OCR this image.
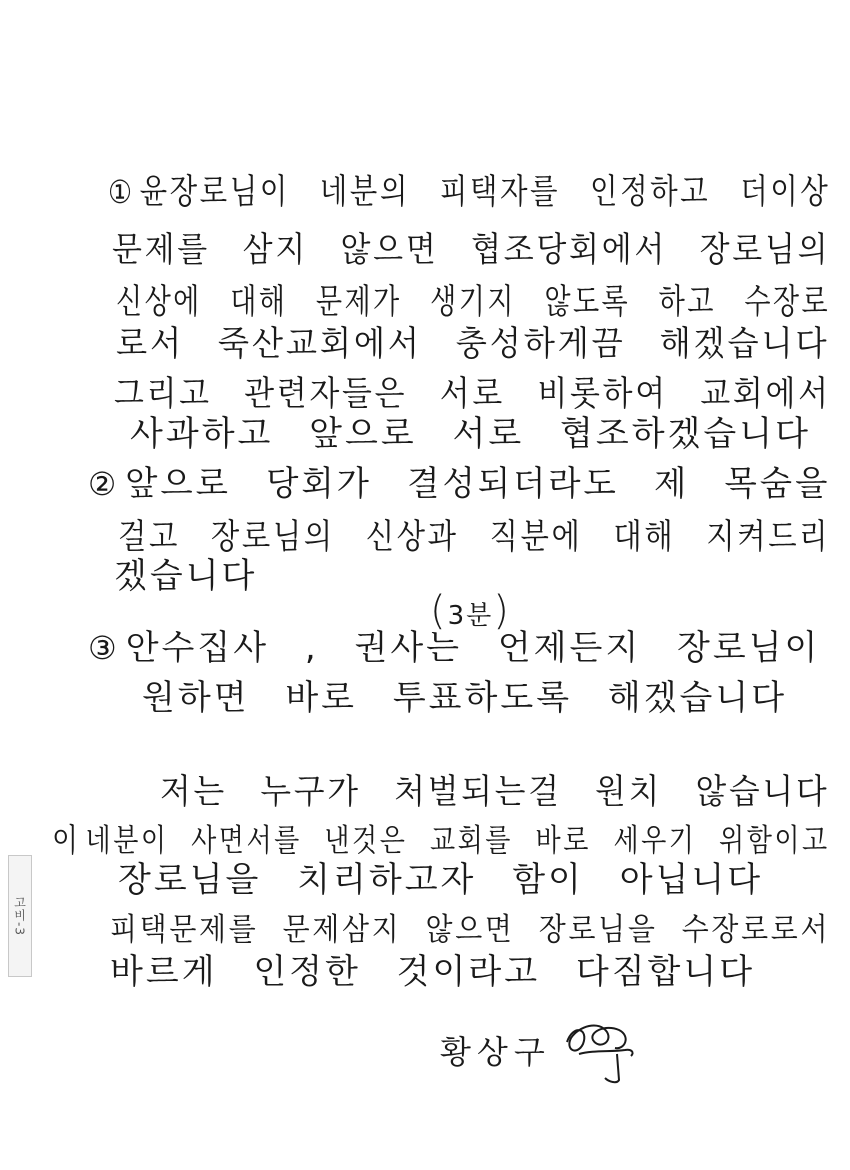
고비-3
① 윤장로님이 네분의 피택자를 인정하고 더이상
문제를 삼지 않으면 협조당회에서 장로님의
신상에 대해 문제가 생기지 않도록 하고 수장로
로서 죽산교회에서 충성하게끔 해겠습니다
그리고 관련자들은 서로 비롯하여 교회에서
사과하고 앞으로 서로 협조하겠습니다
② 앞으로 당회가 결성되더라도 제 목숨을
걸고 장로님의 신상과 직분에 대해 지켜드리
겠습니다
(3분)
③ 안수집사 , 권사는 언제든지 장로님이
원하면 바로 투표하도록 해겠습니다
저는 누구가 처벌되는걸 원치 않습니다
이 네분이 사면서를 낸것은 교회를 바로 세우기 위함이고
장로님을 치리하고자 함이 아닙니다
피택문제를 문제삼지 않으면 장로님을 수장로로서
바르게 인정한 것이라고 다짐합니다
황상구
